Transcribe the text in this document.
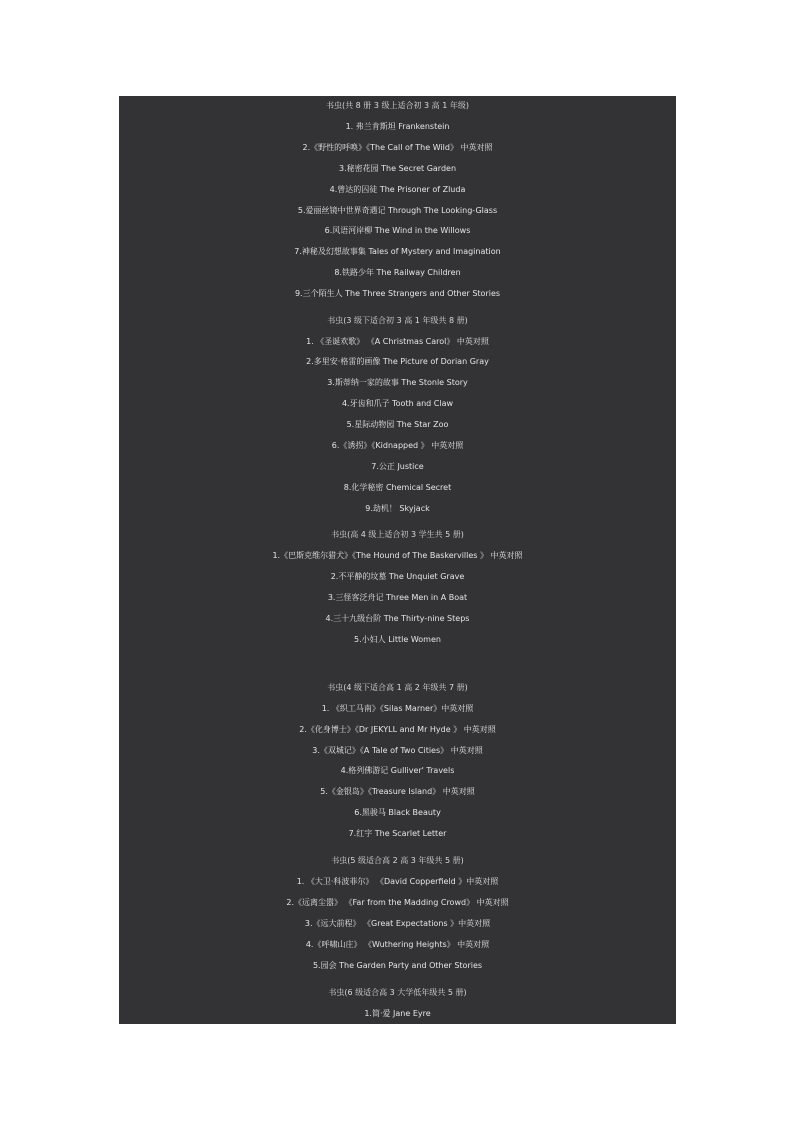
书虫(共 8 册 3 级上适合初 3 高 1 年级)
1. 弗兰肯斯坦 Frankenstein
2.《野性的呼唤》《The Call of The Wild》 中英对照
3.秘密花园 The Secret Garden
4.曾达的囚徒 The Prisoner of Zluda
5.爱丽丝镜中世界奇遇记 Through The Looking-Glass
6.风语河岸柳 The Wind in the Willows
7.神秘及幻想故事集 Tales of Mystery and Imagination
8.铁路少年 The Railway Children
9.三个陌生人 The Three Strangers and Other Stories
书虫(3 级下适合初 3 高 1 年级共 8 册)
1. 《圣诞欢歌》 《A Christmas Carol》 中英对照
2.多里安·格雷的画像 The Picture of Dorian Gray
3.斯蒂纳一家的故事 The Stonle Story
4.牙齿和爪子 Tooth and Claw
5.星际动物园 The Star Zoo
6.《诱拐》《Kidnapped 》 中英对照
7.公正 Justice
8.化学秘密 Chemical Secret
9.劫机！ Skyjack
书虫(高 4 级上适合初 3 学生共 5 册)
1.《巴斯克维尔猎犬》《The Hound of The Baskervilles 》 中英对照
2.不平静的坟墓 The Unquiet Grave
3.三怪客泛舟记 Three Men in A Boat
4.三十九级台阶 The Thirty-nine Steps
5.小妇人 Little Women
书虫(4 级下适合高 1 高 2 年级共 7 册)
1. 《织工马南》《Silas Marner》中英对照
2.《化身博士》《Dr JEKYLL and Mr Hyde 》 中英对照
3.《双城记》《A Tale of Two Cities》 中英对照
4.格列佛游记 Gulliver' Travels
5.《金银岛》《Treasure Island》 中英对照
6.黑骏马 Black Beauty
7.红字 The Scarlet Letter
书虫(5 级适合高 2 高 3 年级共 5 册)
1. 《大卫·科波菲尔》 《David Copperfield 》中英对照
2.《远离尘嚣》 《Far from the Madding Crowd》 中英对照
3.《远大前程》 《Great Expectations 》中英对照
4.《呼啸山庄》 《Wuthering Heights》 中英对照
5.园会 The Garden Party and Other Stories
书虫(6 级适合高 3 大学低年级共 5 册)
1.简·爱 Jane Eyre
